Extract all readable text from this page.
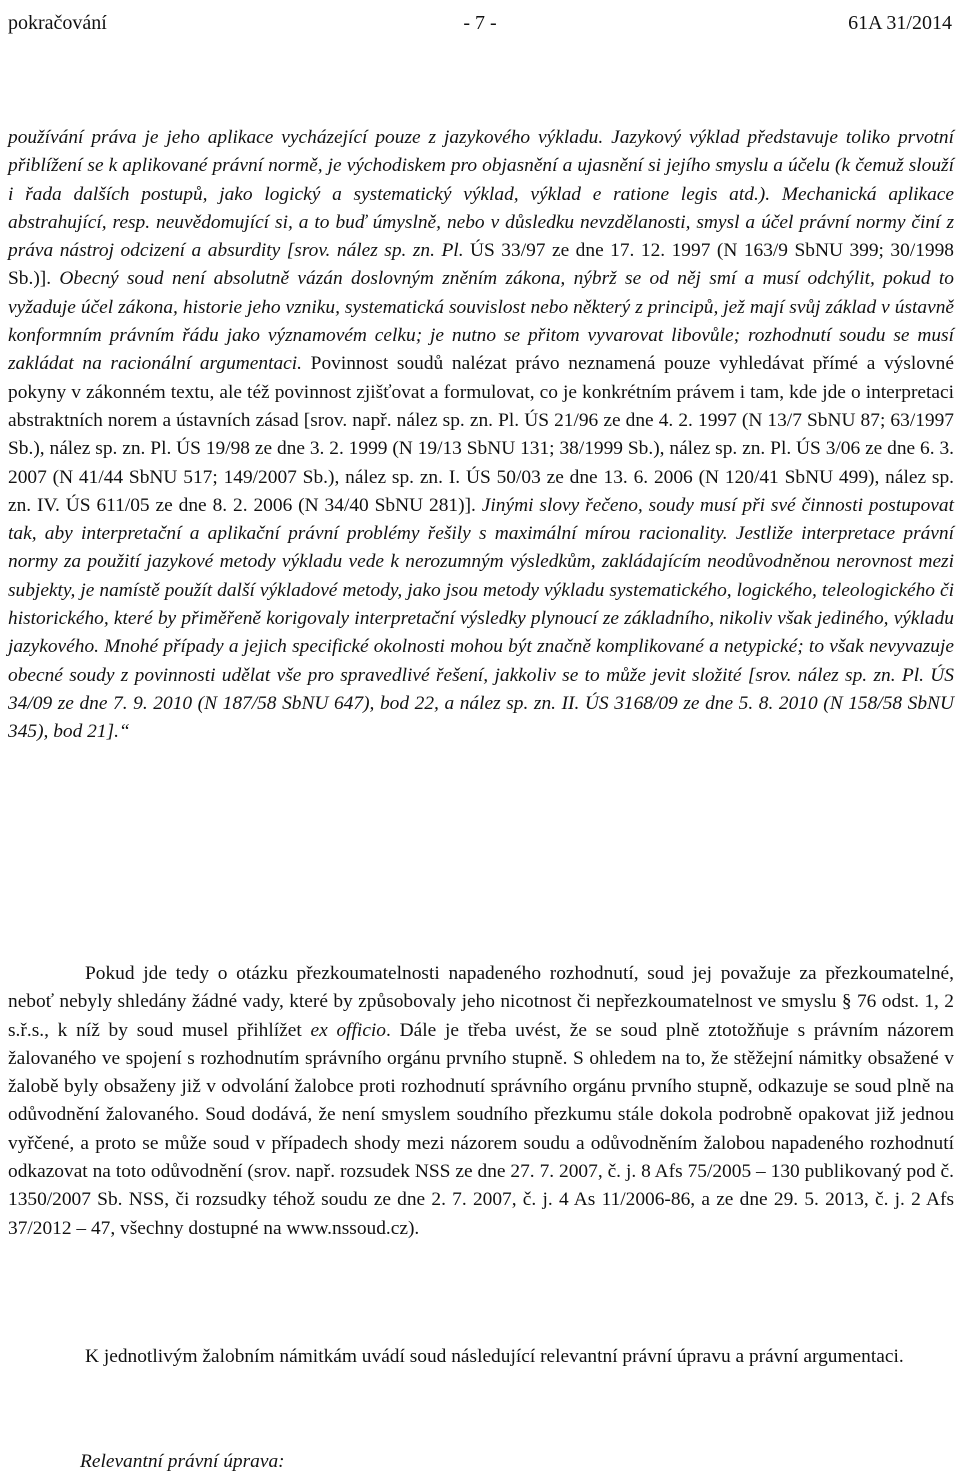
pokračování	- 7 -	61A 31/2014

používání práva je jeho aplikace vycházející pouze z jazykového výkladu. Jazykový výklad představuje toliko prvotní přiblížení se k aplikované právní normě, je východiskem pro objasnění a ujasnění si jejího smyslu a účelu (k čemuž slouží i řada dalších postupů, jako logický a systematický výklad, výklad e ratione legis atd.). Mechanická aplikace abstrahující, resp. neuvědomující si, a to buď úmyslně, nebo v důsledku nevzdělanosti, smysl a účel právní normy činí z práva nástroj odcizení a absurdity [srov. nález sp. zn. Pl. ÚS 33/97 ze dne 17. 12. 1997 (N 163/9 SbNU 399; 30/1998 Sb.)]. Obecný soud není absolutně vázán doslovným zněním zákona, nýbrž se od něj smí a musí odchýlit, pokud to vyžaduje účel zákona, historie jeho vzniku, systematická souvislost nebo některý z principů, jež mají svůj základ v ústavně konformním právním řádu jako významovém celku; je nutno se přitom vyvarovat libovůle; rozhodnutí soudu se musí zakládat na racionální argumentaci. Povinnost soudů nalézat právo neznamená pouze vyhledávat přímé a výslovné pokyny v zákonném textu, ale též povinnost zjišťovat a formulovat, co je konkrétním právem i tam, kde jde o interpretaci abstraktních norem a ústavních zásad [srov. např. nález sp. zn. Pl. ÚS 21/96 ze dne 4. 2. 1997 (N 13/7 SbNU 87; 63/1997 Sb.), nález sp. zn. Pl. ÚS 19/98 ze dne 3. 2. 1999 (N 19/13 SbNU 131; 38/1999 Sb.), nález sp. zn. Pl. ÚS 3/06 ze dne 6. 3. 2007 (N 41/44 SbNU 517; 149/2007 Sb.), nález sp. zn. I. ÚS 50/03 ze dne 13. 6. 2006 (N 120/41 SbNU 499), nález sp. zn. IV. ÚS 611/05 ze dne 8. 2. 2006 (N 34/40 SbNU 281)]. Jinými slovy řečeno, soudy musí při své činnosti postupovat tak, aby interpretační a aplikační právní problémy řešily s maximální mírou racionality. Jestliže interpretace právní normy za použití jazykové metody výkladu vede k nerozumným výsledkům, zakládajícím neodůvodněnou nerovnost mezi subjekty, je namístě použít další výkladové metody, jako jsou metody výkladu systematického, logického, teleologického či historického, které by přiměřeně korigovaly interpretační výsledky plynoucí ze základního, nikoliv však jediného, výkladu jazykového. Mnohé případy a jejich specifické okolnosti mohou být značně komplikované a netypické; to však nevyvazuje obecné soudy z povinnosti udělat vše pro spravedlivé řešení, jakkoliv se to může jevit složité [srov. nález sp. zn. Pl. ÚS 34/09 ze dne 7. 9. 2010 (N 187/58 SbNU 647), bod 22, a nález sp. zn. II. ÚS 3168/09 ze dne 5. 8. 2010 (N 158/58 SbNU 345), bod 21].“

Pokud jde tedy o otázku přezkoumatelnosti napadeného rozhodnutí, soud jej považuje za přezkoumatelné, neboť nebyly shledány žádné vady, které by způsobovaly jeho nicotnost či nepřezkoumatelnost ve smyslu § 76 odst. 1, 2 s.ř.s., k níž by soud musel přihlížet ex officio. Dále je třeba uvést, že se soud plně ztotožňuje s právním názorem žalovaného ve spojení s rozhodnutím správního orgánu prvního stupně. S ohledem na to, že stěžejní námitky obsažené v žalobě byly obsaženy již v odvolání žalobce proti rozhodnutí správního orgánu prvního stupně, odkazuje se soud plně na odůvodnění žalovaného. Soud dodává, že není smyslem soudního přezkumu stále dokola podrobně opakovat již jednou vyřčené, a proto se může soud v případech shody mezi názorem soudu a odůvodněním žalobou napadeného rozhodnutí odkazovat na toto odůvodnění (srov. např. rozsudek NSS ze dne 27. 7. 2007, č. j. 8 Afs 75/2005 – 130 publikovaný pod č. 1350/2007 Sb. NSS, či rozsudky téhož soudu ze dne 2. 7. 2007, č. j. 4 As 11/2006-86, a ze dne 29. 5. 2013, č. j. 2 Afs 37/2012 – 47, všechny dostupné na www.nssoud.cz).

K jednotlivým žalobním námitkám uvádí soud následující relevantní právní úpravu a právní argumentaci.

Relevantní právní úprava:
